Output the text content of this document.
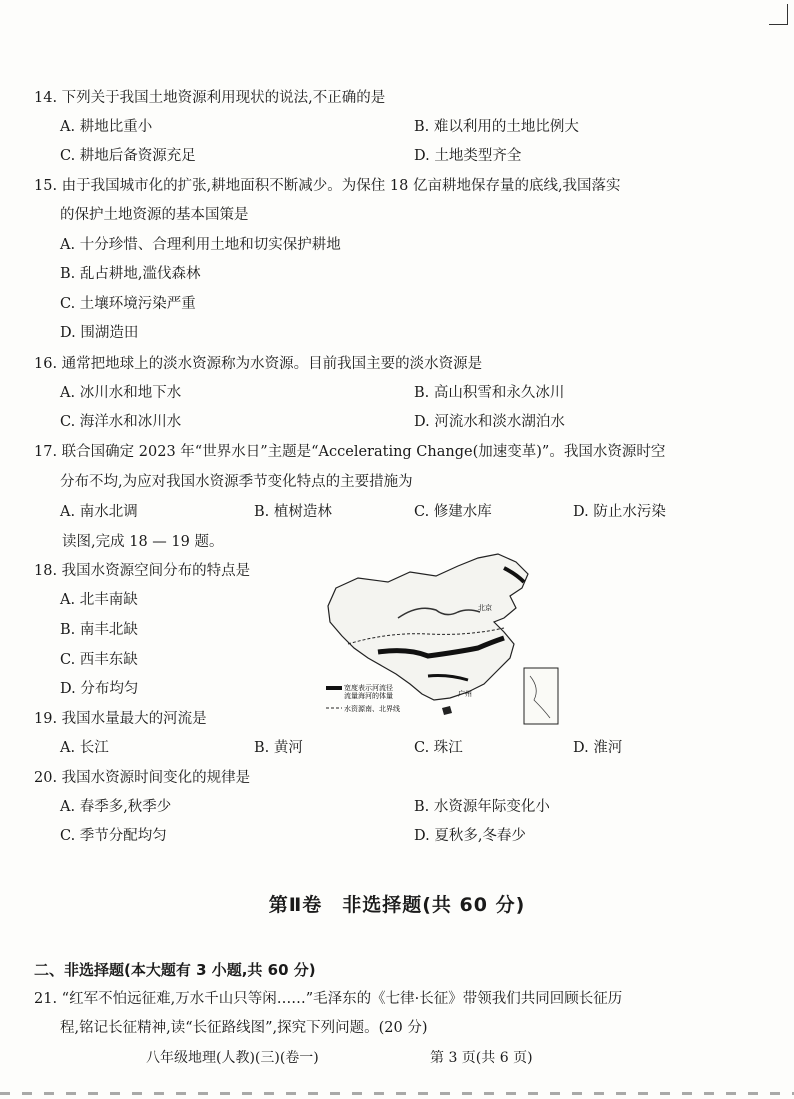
14. 下列关于我国土地资源利用现状的说法,不正确的是
A. 耕地比重小	B. 难以利用的土地比例大
C. 耕地后备资源充足	D. 土地类型齐全
15. 由于我国城市化的扩张,耕地面积不断减少。为保住 18 亿亩耕地保存量的底线,我国落实
的保护土地资源的基本国策是
A. 十分珍惜、合理利用土地和切实保护耕地
B. 乱占耕地,滥伐森林
C. 土壤环境污染严重
D. 围湖造田
16. 通常把地球上的淡水资源称为水资源。目前我国主要的淡水资源是
A. 冰川水和地下水	B. 高山积雪和永久冰川
C. 海洋水和冰川水	D. 河流水和淡水湖泊水
17. 联合国确定 2023 年“世界水日”主题是“Accelerating Change(加速变革)”。我国水资源时空
分布不均,为应对我国水资源季节变化特点的主要措施为
A. 南水北调	B. 植树造林	C. 修建水库	D. 防止水污染
读图,完成 18 — 19 题。
18. 我国水资源空间分布的特点是
A. 北丰南缺
B. 南丰北缺
C. 西丰东缺
D. 分布均匀
北京
广州
宽度表示河流径
流量海河的体量
水资源南、北界线
19. 我国水量最大的河流是
A. 长江	B. 黄河	C. 珠江	D. 淮河
20. 我国水资源时间变化的规律是
A. 春季多,秋季少	B. 水资源年际变化小
C. 季节分配均匀	D. 夏秋多,冬春少
第Ⅱ卷　非选择题(共 60 分)
二、非选择题(本大题有 3 小题,共 60 分)
21. “红军不怕远征难,万水千山只等闲……”毛泽东的《七律·长征》带领我们共同回顾长征历
程,铭记长征精神,读“长征路线图”,探究下列问题。(20 分)
八年级地理(人教)(三)(卷一)	第 3 页(共 6 页)
